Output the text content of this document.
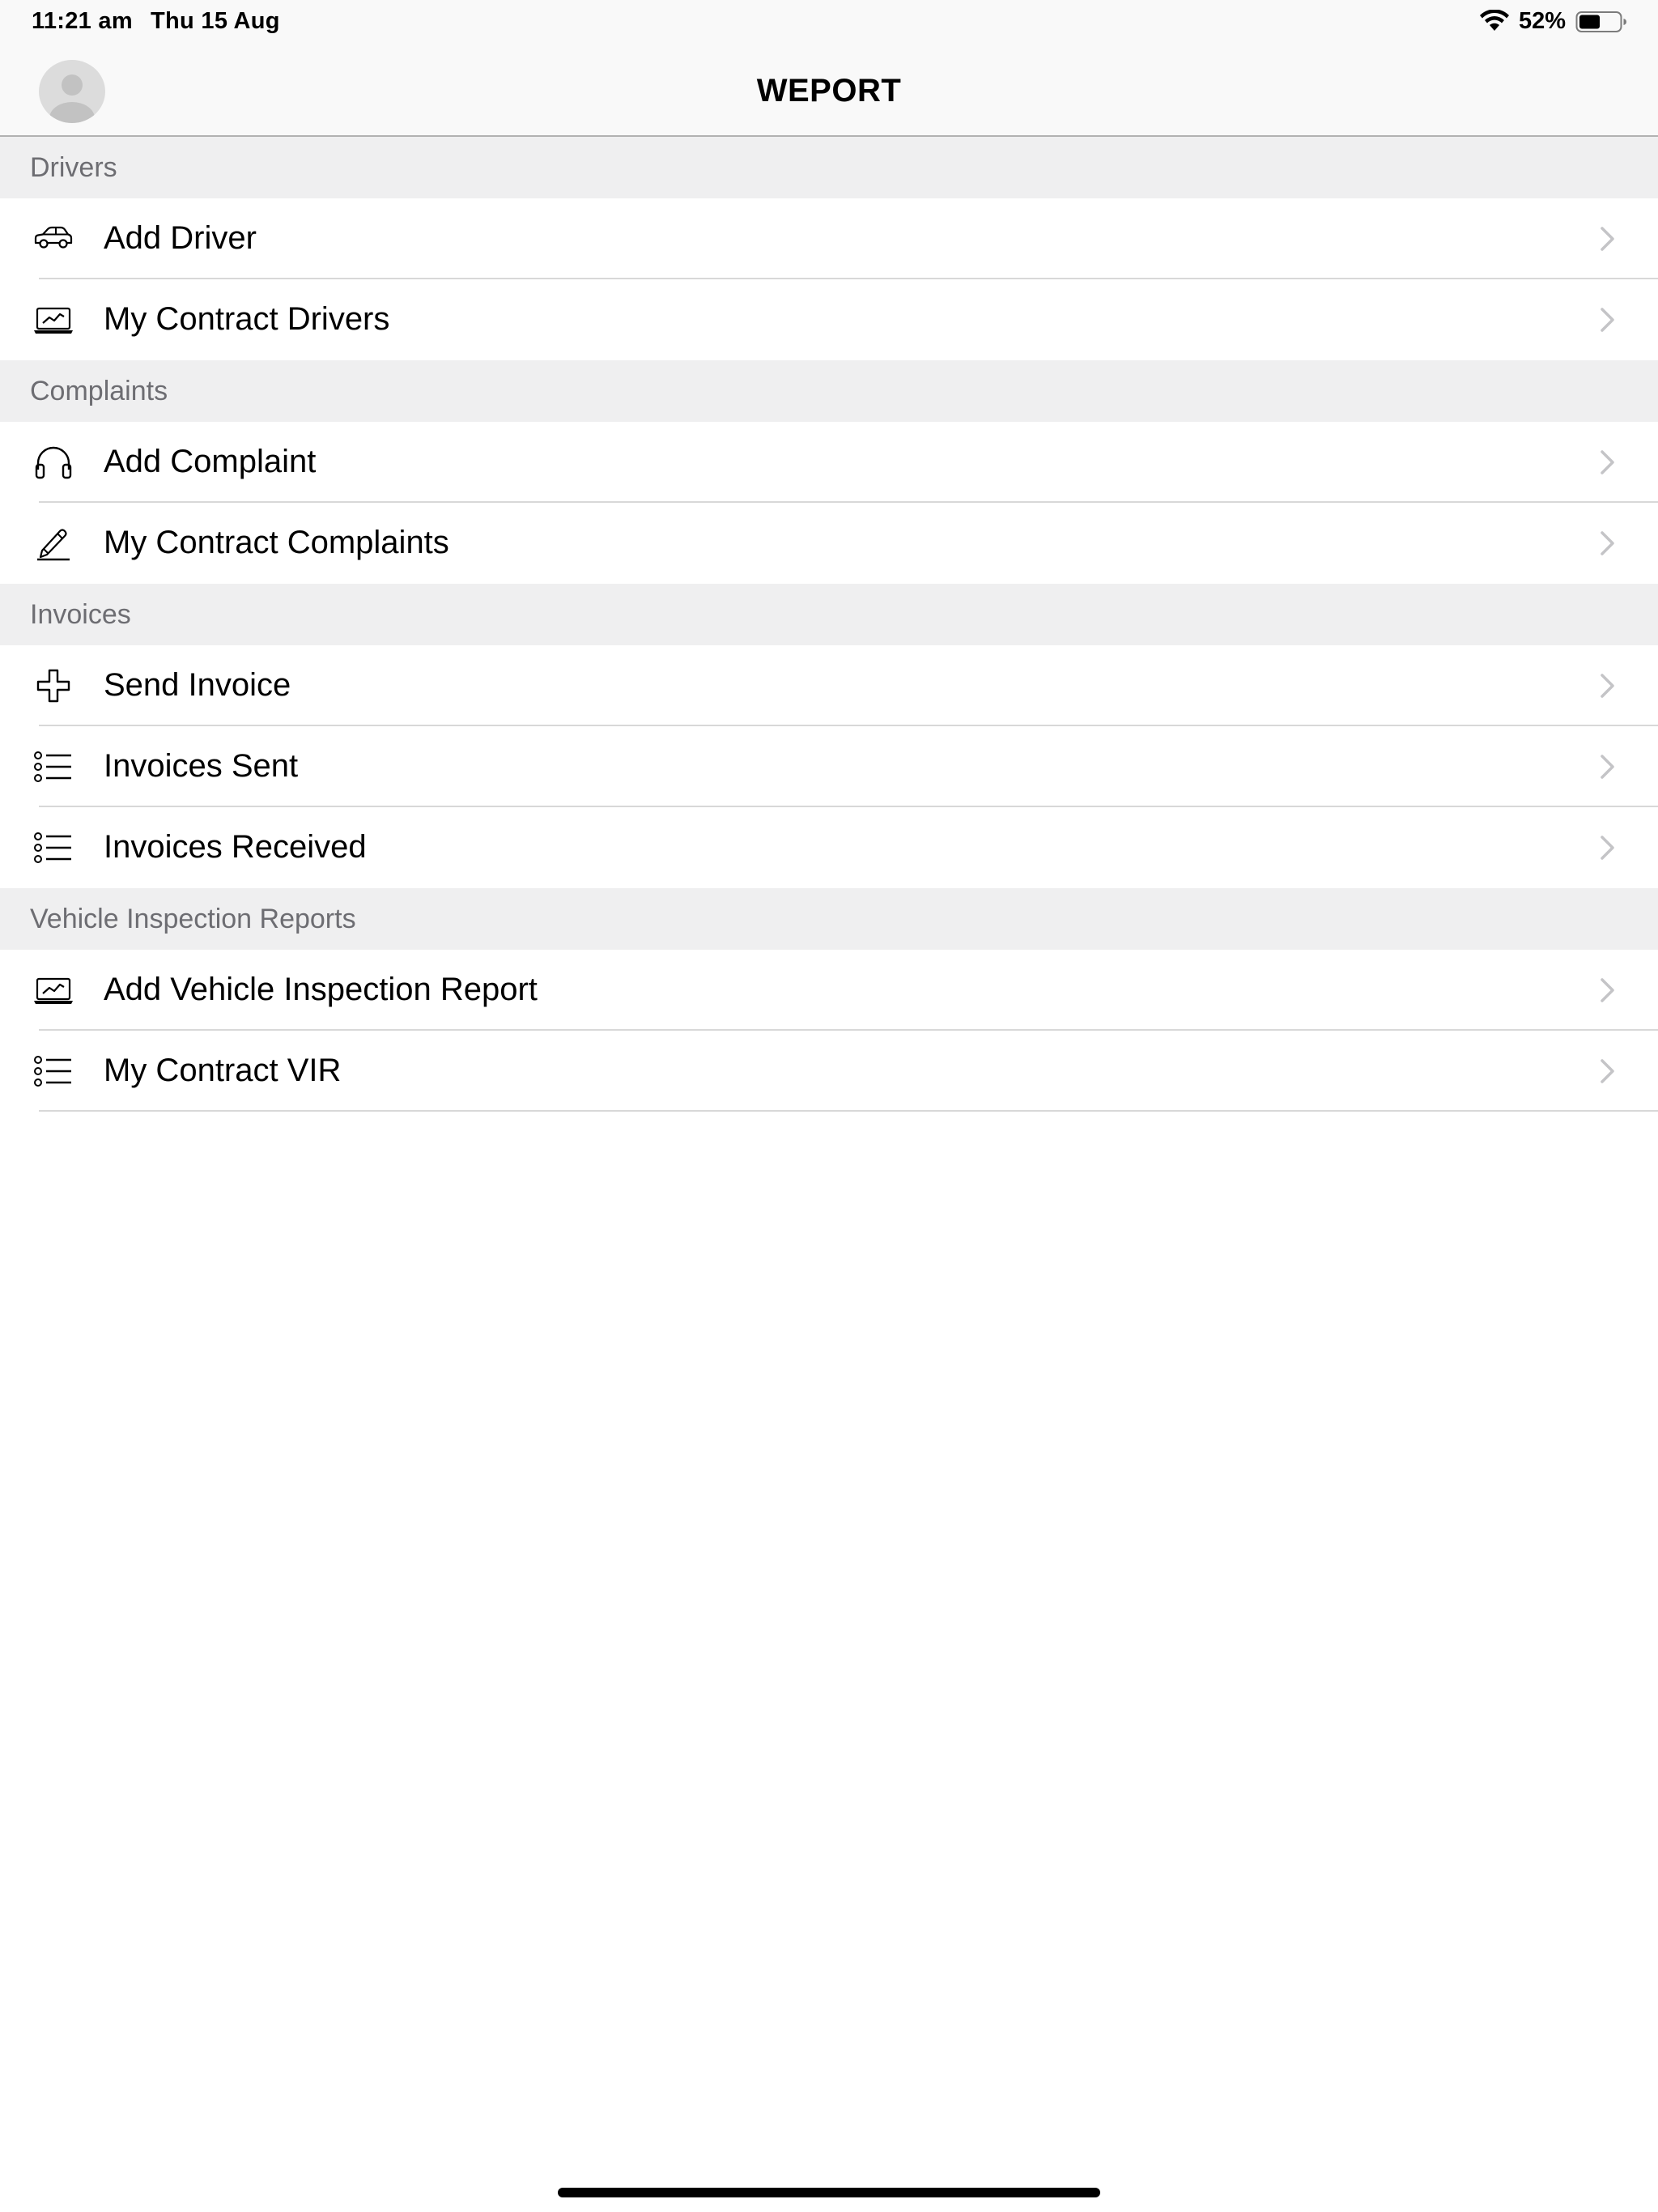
11:21 am Thu 15 Aug	52%
WEPORT
Drivers
Add Driver
My Contract Drivers
Complaints
Add Complaint
My Contract Complaints
Invoices
Send Invoice
Invoices Sent
Invoices Received
Vehicle Inspection Reports
Add Vehicle Inspection Report
My Contract VIR
